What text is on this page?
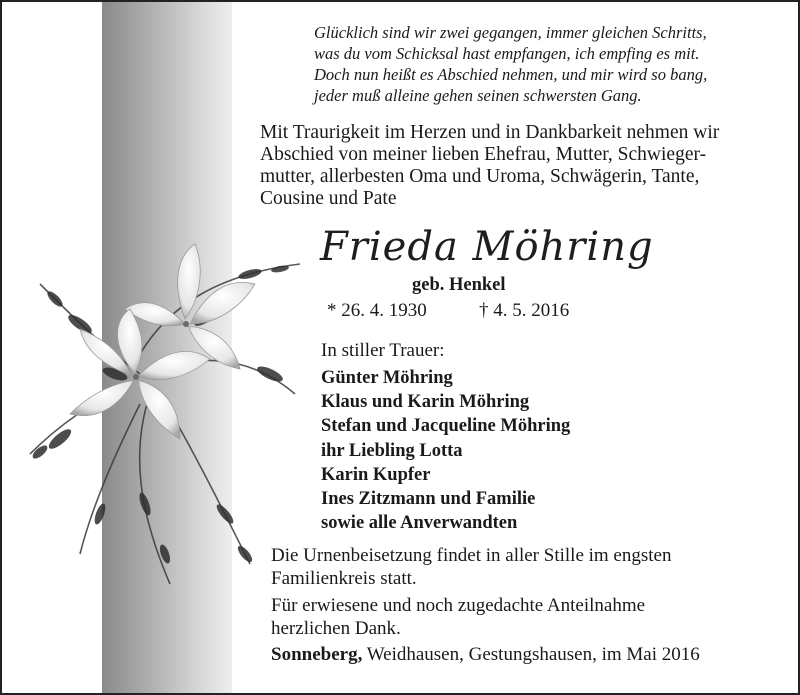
Glücklich sind wir zwei gegangen, immer gleichen Schritts,
was du vom Schicksal hast empfangen, ich empfing es mit.
Doch nun heißt es Abschied nehmen, und mir wird so bang,
jeder muß alleine gehen seinen schwersten Gang.
Mit Traurigkeit im Herzen und in Dankbarkeit nehmen wir
Abschied von meiner lieben Ehefrau, Mutter, Schwieger-
mutter, allerbesten Oma und Uroma, Schwägerin, Tante,
Cousine und Pate
Frieda Möhring
geb. Henkel
* 26. 4. 1930	† 4. 5. 2016
In stiller Trauer:
Günter Möhring
Klaus und Karin Möhring
Stefan und Jacqueline Möhring
ihr Liebling Lotta
Karin Kupfer
Ines Zitzmann und Familie
sowie alle Anverwandten
Die Urnenbeisetzung findet in aller Stille im engsten
Familienkreis statt.
Für erwiesene und noch zugedachte Anteilnahme
herzlichen Dank.
Sonneberg, Weidhausen, Gestungshausen, im Mai 2016
